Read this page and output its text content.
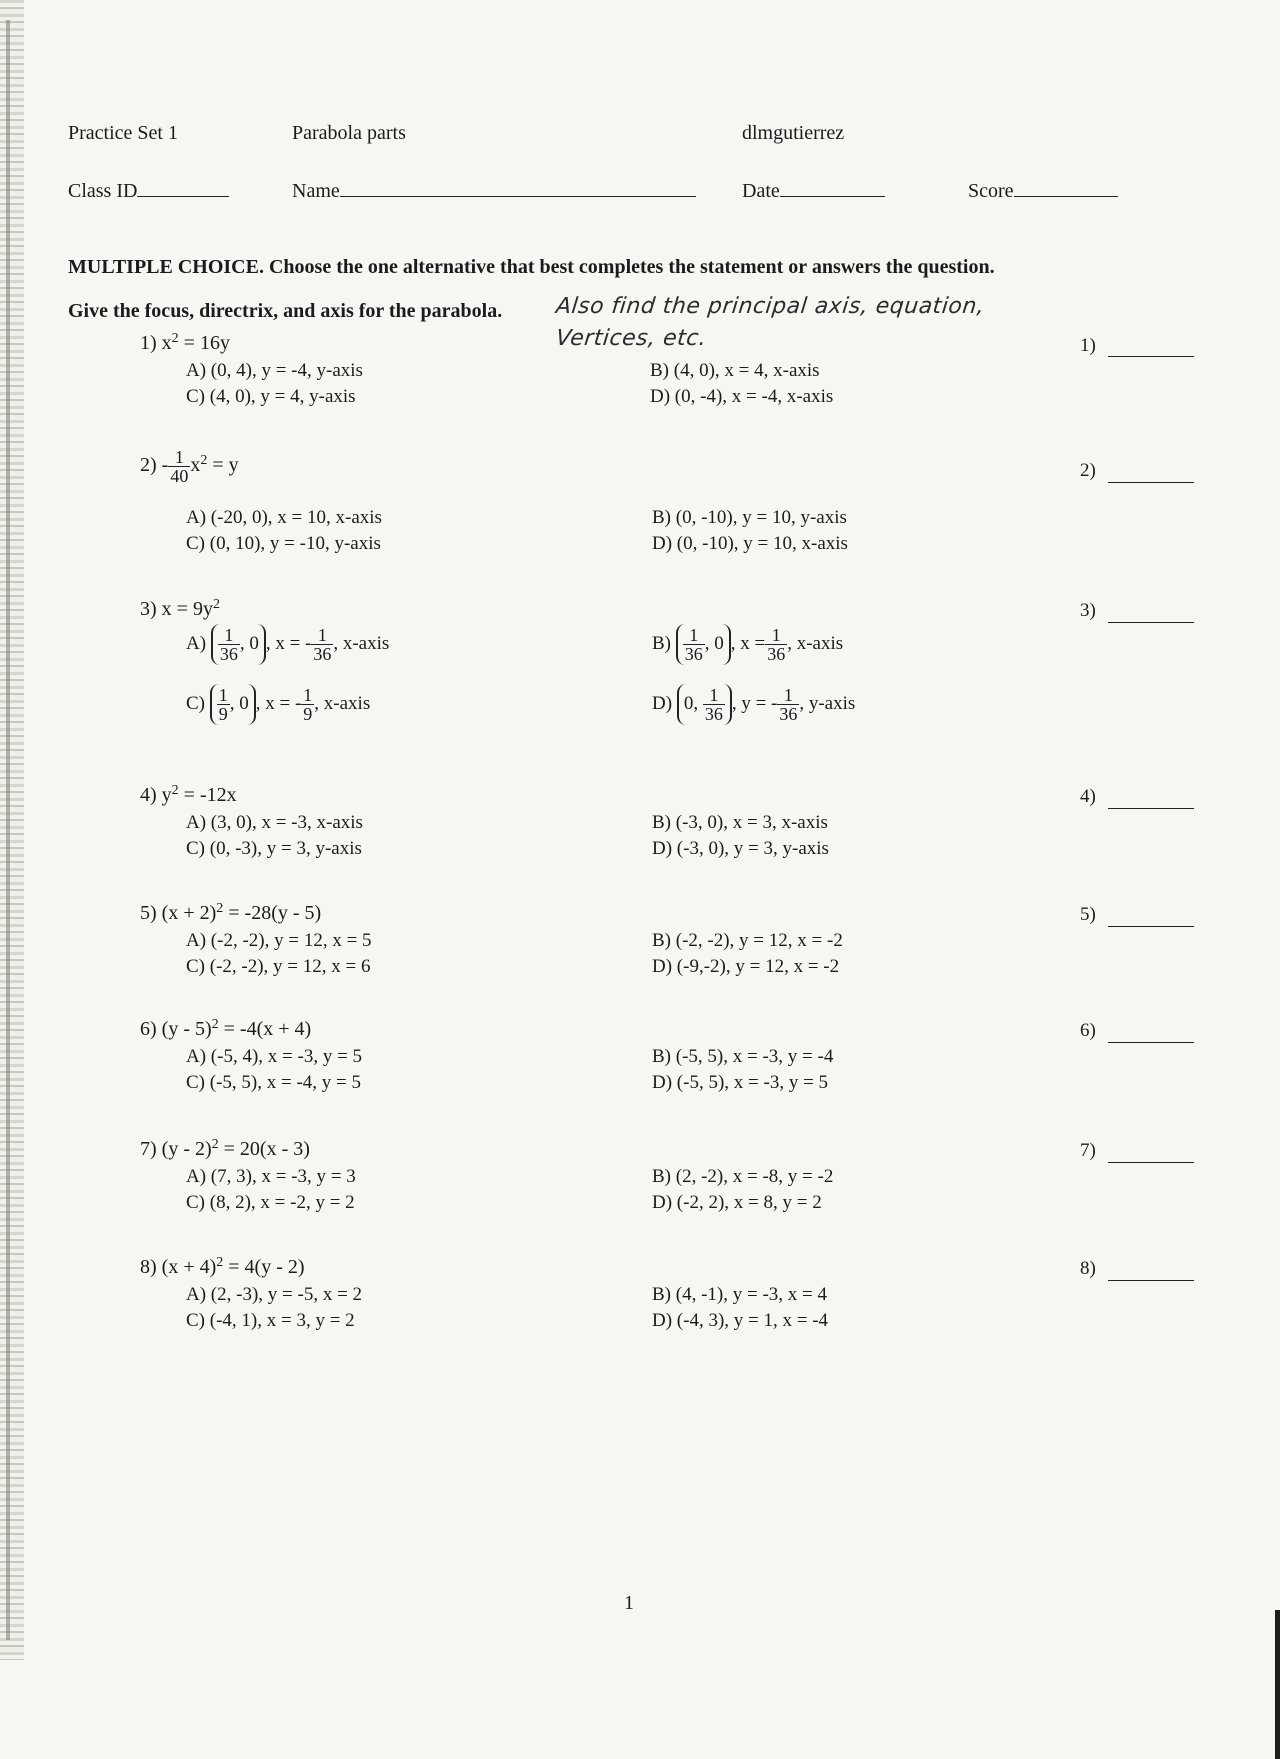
Practice Set 1	Parabola parts	dlmgutierrez
Class ID	Name	Date	Score
MULTIPLE CHOICE. Choose the one alternative that best completes the statement or answers the question.
Give the focus, directrix, and axis for the parabola. Also find the principal axis, equation,
Vertices, etc.
1) $x^2 = 16y$
A) (0, 4), y = -4, y-axis	B) (4, 0), x = 4, x-axis
C) (4, 0), y = 4, y-axis	D) (0, -4), x = -4, x-axis
1)
$2) - \frac{1}{40} x^2 = y$
A) (-20, 0), x = 10, x-axis	B) (0, -10), y = 10, y-axis
C) (0, 10), y = -10, y-axis	D) (0, -10), y = 10, x-axis
2)
3) $x = 9y^2$	3)
$A) \frac{1}{36}$ , 0 , x = - $\frac{1}{36}$ , x-axis	$B) \frac{1}{36}$ , 0 , $x = \frac{1}{36}$ , x-axis
$C) \frac{1}{9}$ , 0 , x = - $\frac{1}{9}$ , x-axis	D) 0, $\frac{1}{36}$ , y = - $\frac{1}{36}$ , y-axis
4) $y^2 = -12x$
A) (3, 0), x = -3, x-axis	B) (-3, 0), x = 3, x-axis
C) (0, -3), y = 3, y-axis	D) (-3, 0), y = 3, y-axis
4)
5) $(x + 2)^2 = -28(y - 5)$
A) (-2, -2), y = 12, x = 5	B) (-2, -2), y = 12, x = -2
C) (-2, -2), y = 12, x = 6	D) (-9,-2), y = 12, x = -2
5)
6) (y - 5)$^2$ = -4(x + 4)
A) (-5, 4), x = -3, y = 5	B) (-5, 5), x = -3, y = -4
C) (-5, 5), x = -4, y = 5	D) (-5, 5), x = -3, y = 5
6)
7) (y - 2)$^2$ = 20(x - 3)
A) (7, 3), x = -3, y = 3	B) (2, -2), x = -8, y = -2
C) (8, 2), x = -2, y = 2	D) (-2, 2), x = 8, y = 2
7)
8) $(x + 4)^2 = 4(y - 2)$
A) (2, -3), y = -5, x = 2	B) (4, -1), y = -3, x = 4
C) (-4, 1), x = 3, y = 2	D) (-4, 3), y = 1, x = -4
8)
1
